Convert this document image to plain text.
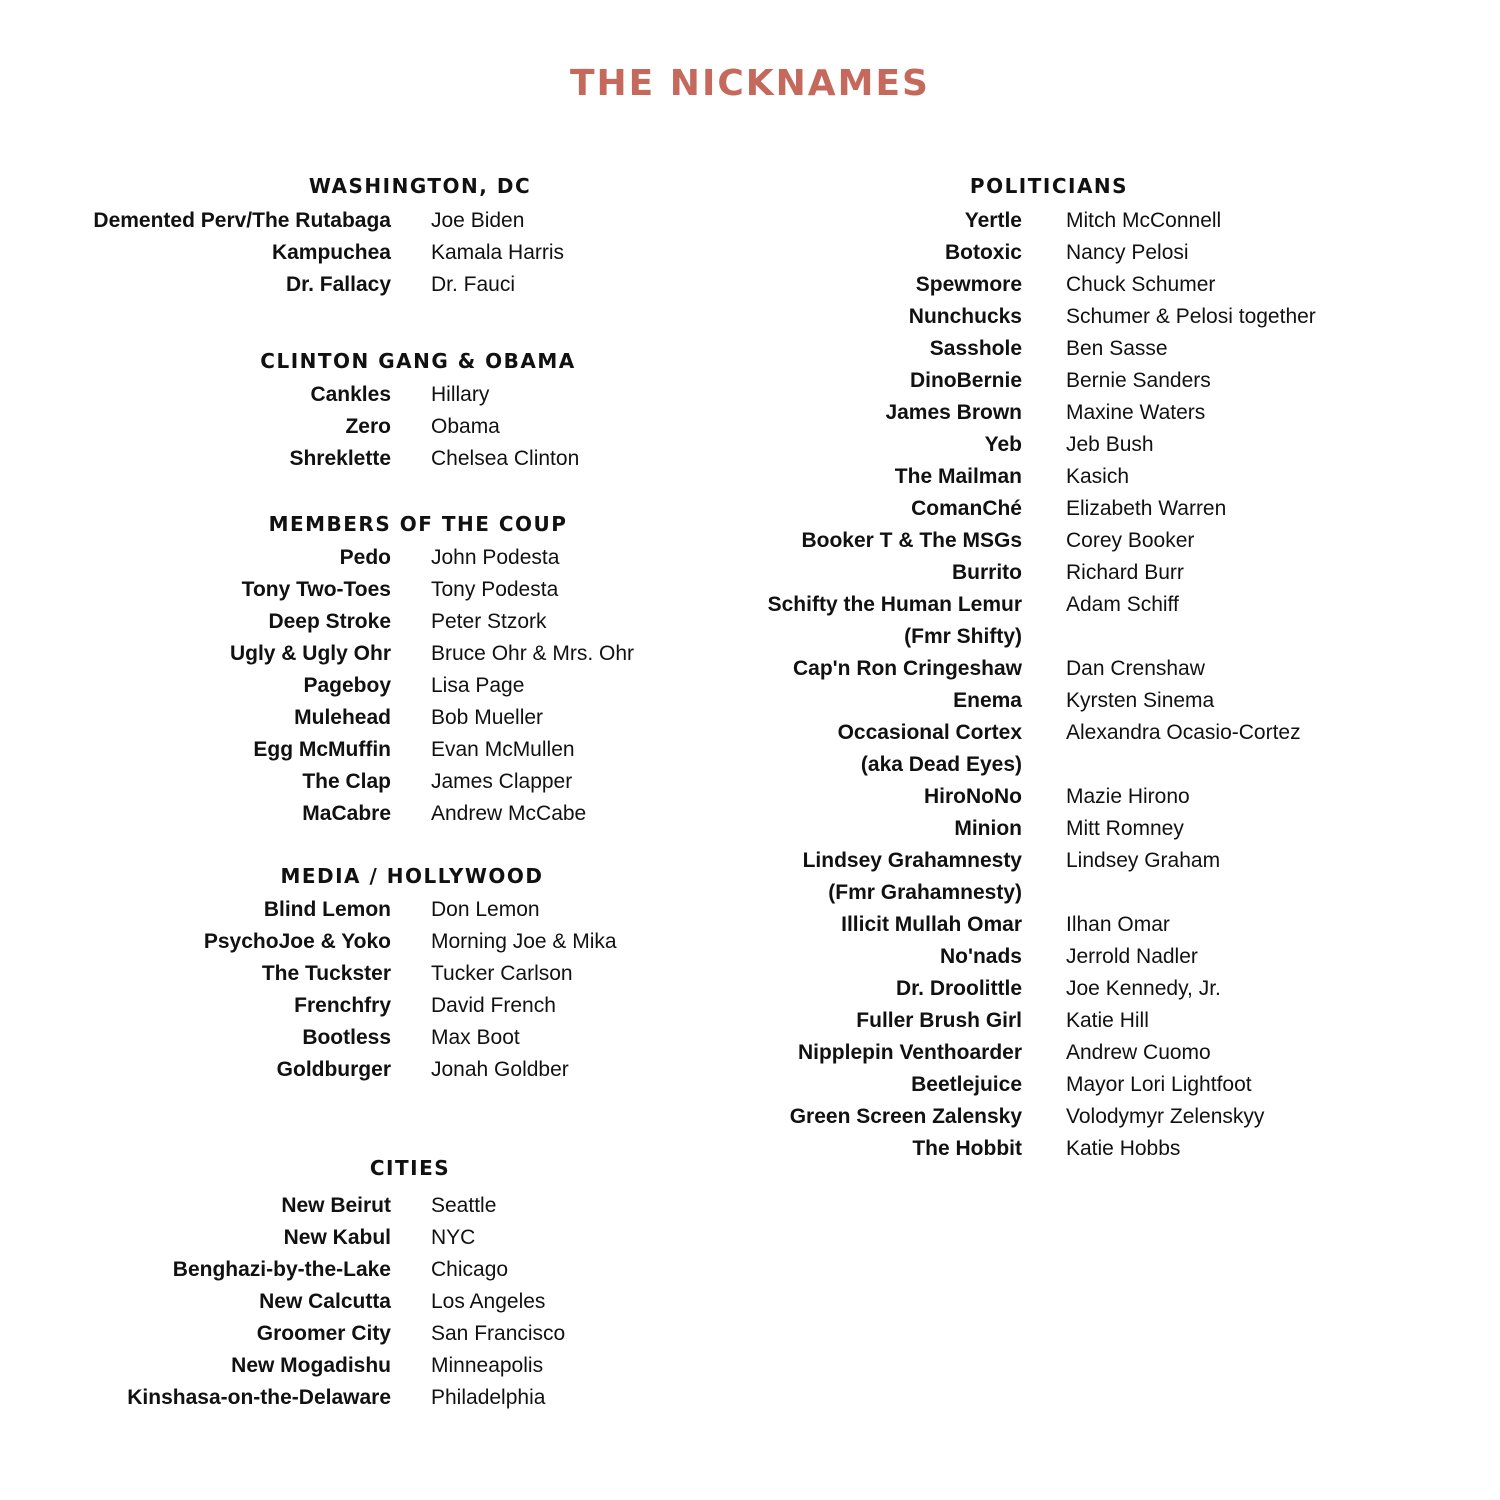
THE NICKNAMES
WASHINGTON, DC
Demented Perv/The Rutabaga Joe Biden
Kampuchea Kamala Harris
Dr. Fallacy Dr. Fauci
CLINTON GANG & OBAMA
Cankles Hillary
Zero Obama
Shreklette Chelsea Clinton
MEMBERS OF THE COUP
Pedo John Podesta
Tony Two-Toes Tony Podesta
Deep Stroke Peter Stzork
Ugly & Ugly Ohr Bruce Ohr & Mrs. Ohr
Pageboy Lisa Page
Mulehead Bob Mueller
Egg McMuffin Evan McMullen
The Clap James Clapper
MaCabre Andrew McCabe
MEDIA / HOLLYWOOD
Blind Lemon Don Lemon
PsychoJoe & Yoko Morning Joe & Mika
The Tuckster Tucker Carlson
Frenchfry David French
Bootless Max Boot
Goldburger Jonah Goldber
CITIES
New Beirut Seattle
New Kabul NYC
Benghazi-by-the-Lake Chicago
New Calcutta Los Angeles
Groomer City San Francisco
New Mogadishu Minneapolis
Kinshasa-on-the-Delaware Philadelphia
POLITICIANS
Yertle Mitch McConnell
Botoxic Nancy Pelosi
Spewmore Chuck Schumer
Nunchucks Schumer & Pelosi together
Sasshole Ben Sasse
DinoBernie Bernie Sanders
James Brown Maxine Waters
Yeb Jeb Bush
The Mailman Kasich
ComanChé Elizabeth Warren
Booker T & The MSGs Corey Booker
Burrito Richard Burr
Schifty the Human Lemur
(Fmr Shifty)
Adam Schiff
Cap'n Ron Cringeshaw Dan Crenshaw
Enema Kyrsten Sinema
Occasional Cortex
(aka Dead Eyes)
Alexandra Ocasio-Cortez
HiroNoNo Mazie Hirono
Minion Mitt Romney
Lindsey Grahamnesty
(Fmr Grahamnesty)
Lindsey Graham
Illicit Mullah Omar Ilhan Omar
No'nads Jerrold Nadler
Dr. Droolittle Joe Kennedy, Jr.
Fuller Brush Girl Katie Hill
Nipplepin Venthoarder Andrew Cuomo
Beetlejuice Mayor Lori Lightfoot
Green Screen Zalensky Volodymyr Zelenskyy
The Hobbit Katie Hobbs
